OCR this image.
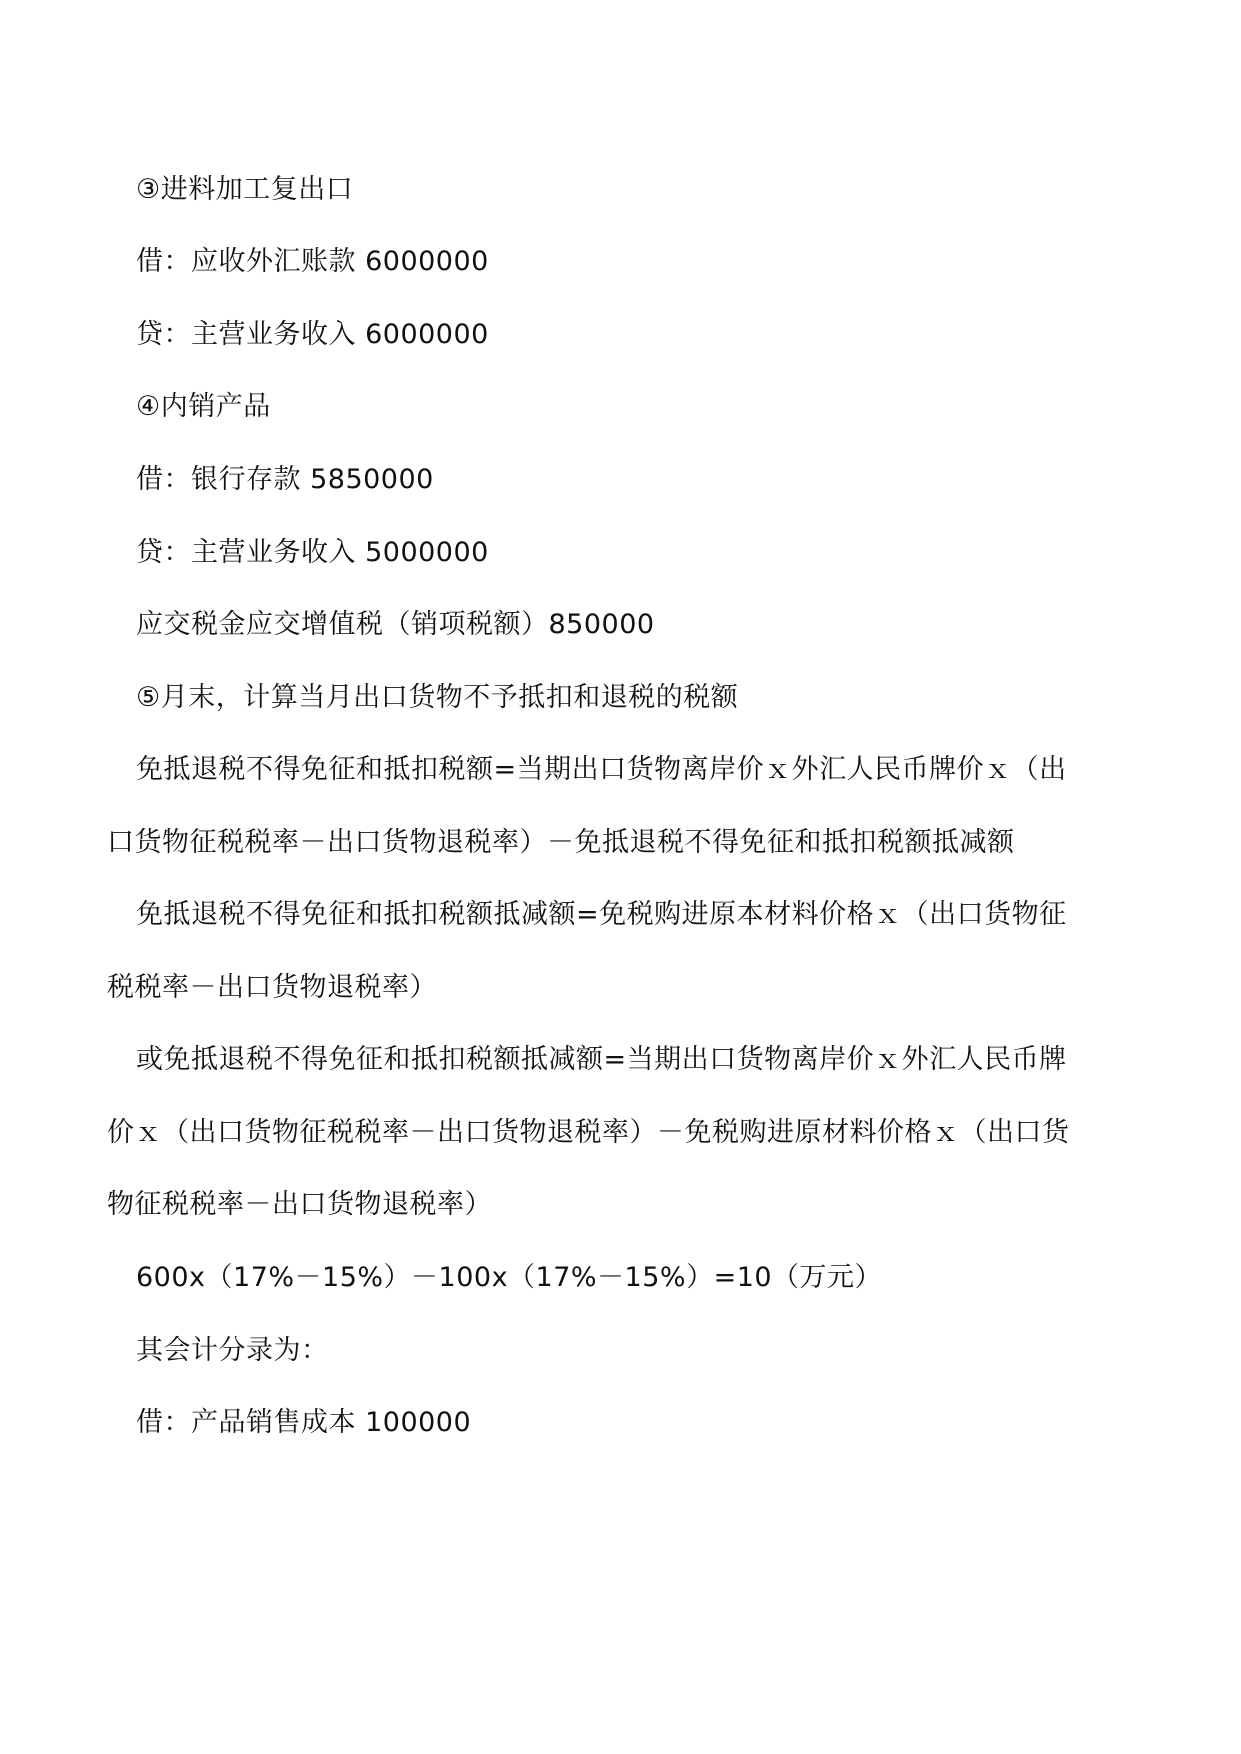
③进料加工复出口
借：应收外汇账款 6000000
贷：主营业务收入 6000000
④内销产品
借：银行存款 5850000
贷：主营业务收入 5000000
应交税金应交增值税（销项税额）850000
⑤月末，计算当月出口货物不予抵扣和退税的税额
免抵退税不得免征和抵扣税额=当期出口货物离岸价ｘ外汇人民币牌价ｘ（出
口货物征税税率－出口货物退税率）－免抵退税不得免征和抵扣税额抵减额
免抵退税不得免征和抵扣税额抵减额=免税购进原本材料价格ｘ（出口货物征
税税率－出口货物退税率）
或免抵退税不得免征和抵扣税额抵减额=当期出口货物离岸价ｘ外汇人民币牌
价ｘ（出口货物征税税率－出口货物退税率）－免税购进原材料价格ｘ（出口货
物征税税率－出口货物退税率）
600x（17%－15%）－100x（17%－15%）=10（万元）
其会计分录为：
借：产品销售成本 100000
